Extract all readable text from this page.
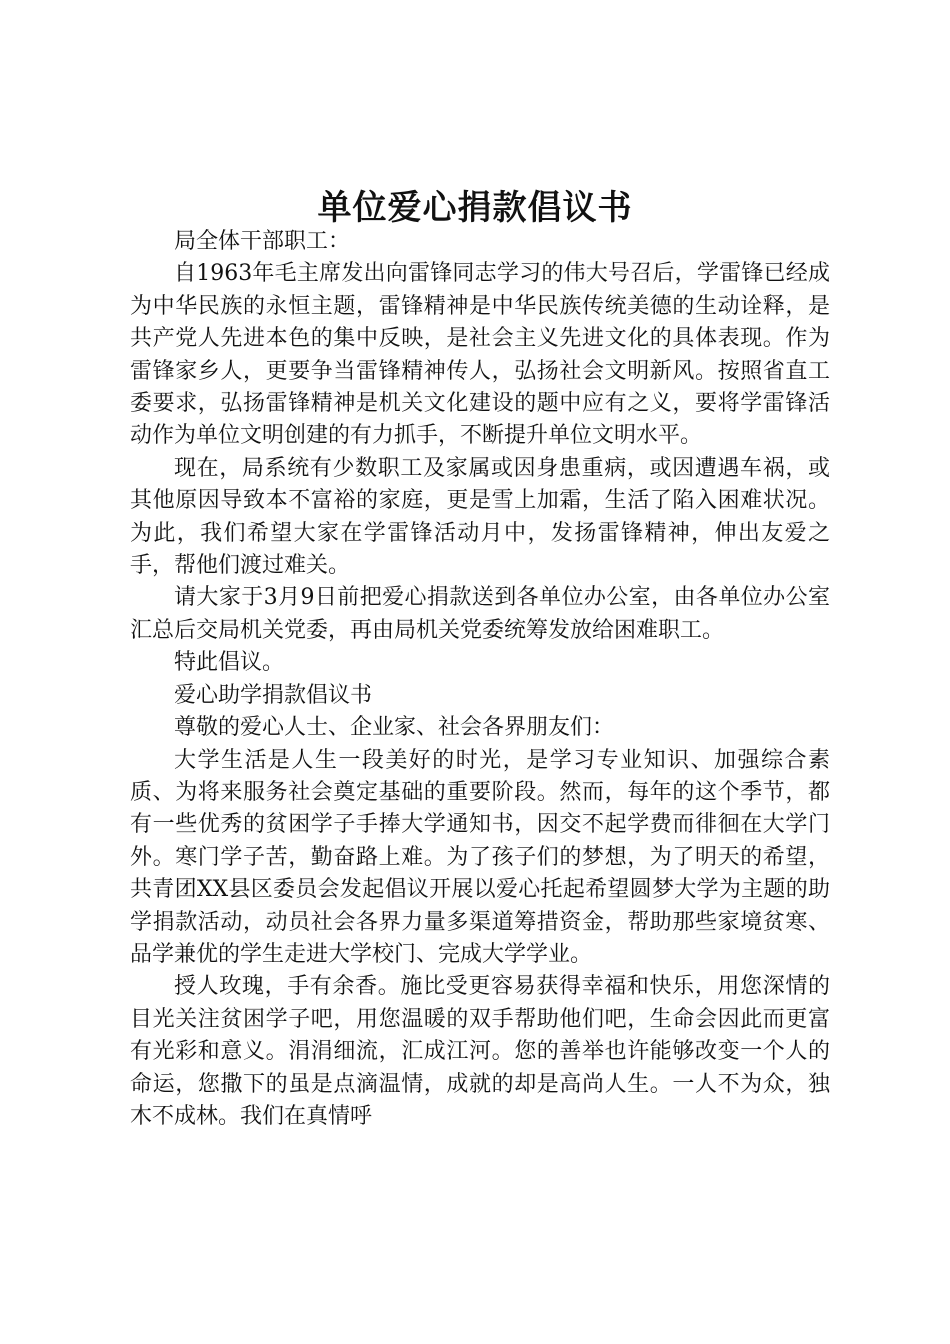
单位爱心捐款倡议书

局全体干部职工：

自1963年毛主席发出向雷锋同志学习的伟大号召后，学雷锋已经成为中华民族的永恒主题，雷锋精神是中华民族传统美德的生动诠释，是共产党人先进本色的集中反映，是社会主义先进文化的具体表现。作为雷锋家乡人，更要争当雷锋精神传人，弘扬社会文明新风。按照省直工委要求，弘扬雷锋精神是机关文化建设的题中应有之义，要将学雷锋活动作为单位文明创建的有力抓手，不断提升单位文明水平。

现在，局系统有少数职工及家属或因身患重病，或因遭遇车祸，或其他原因导致本不富裕的家庭，更是雪上加霜，生活了陷入困难状况。为此，我们希望大家在学雷锋活动月中，发扬雷锋精神，伸出友爱之手，帮他们渡过难关。

请大家于3月9日前把爱心捐款送到各单位办公室，由各单位办公室汇总后交局机关党委，再由局机关党委统筹发放给困难职工。

特此倡议。

爱心助学捐款倡议书

尊敬的爱心人士、企业家、社会各界朋友们：

大学生活是人生一段美好的时光，是学习专业知识、加强综合素质、为将来服务社会奠定基础的重要阶段。然而，每年的这个季节，都有一些优秀的贫困学子手捧大学通知书，因交不起学费而徘徊在大学门外。寒门学子苦，勤奋路上难。为了孩子们的梦想，为了明天的希望，共青团XX县区委员会发起倡议开展以爱心托起希望圆梦大学为主题的助学捐款活动，动员社会各界力量多渠道筹措资金，帮助那些家境贫寒、品学兼优的学生走进大学校门、完成大学学业。

授人玫瑰，手有余香。施比受更容易获得幸福和快乐，用您深情的目光关注贫困学子吧，用您温暖的双手帮助他们吧，生命会因此而更富有光彩和意义。涓涓细流，汇成江河。您的善举也许能够改变一个人的命运，您撒下的虽是点滴温情，成就的却是高尚人生。一人不为众，独木不成林。我们在真情呼
